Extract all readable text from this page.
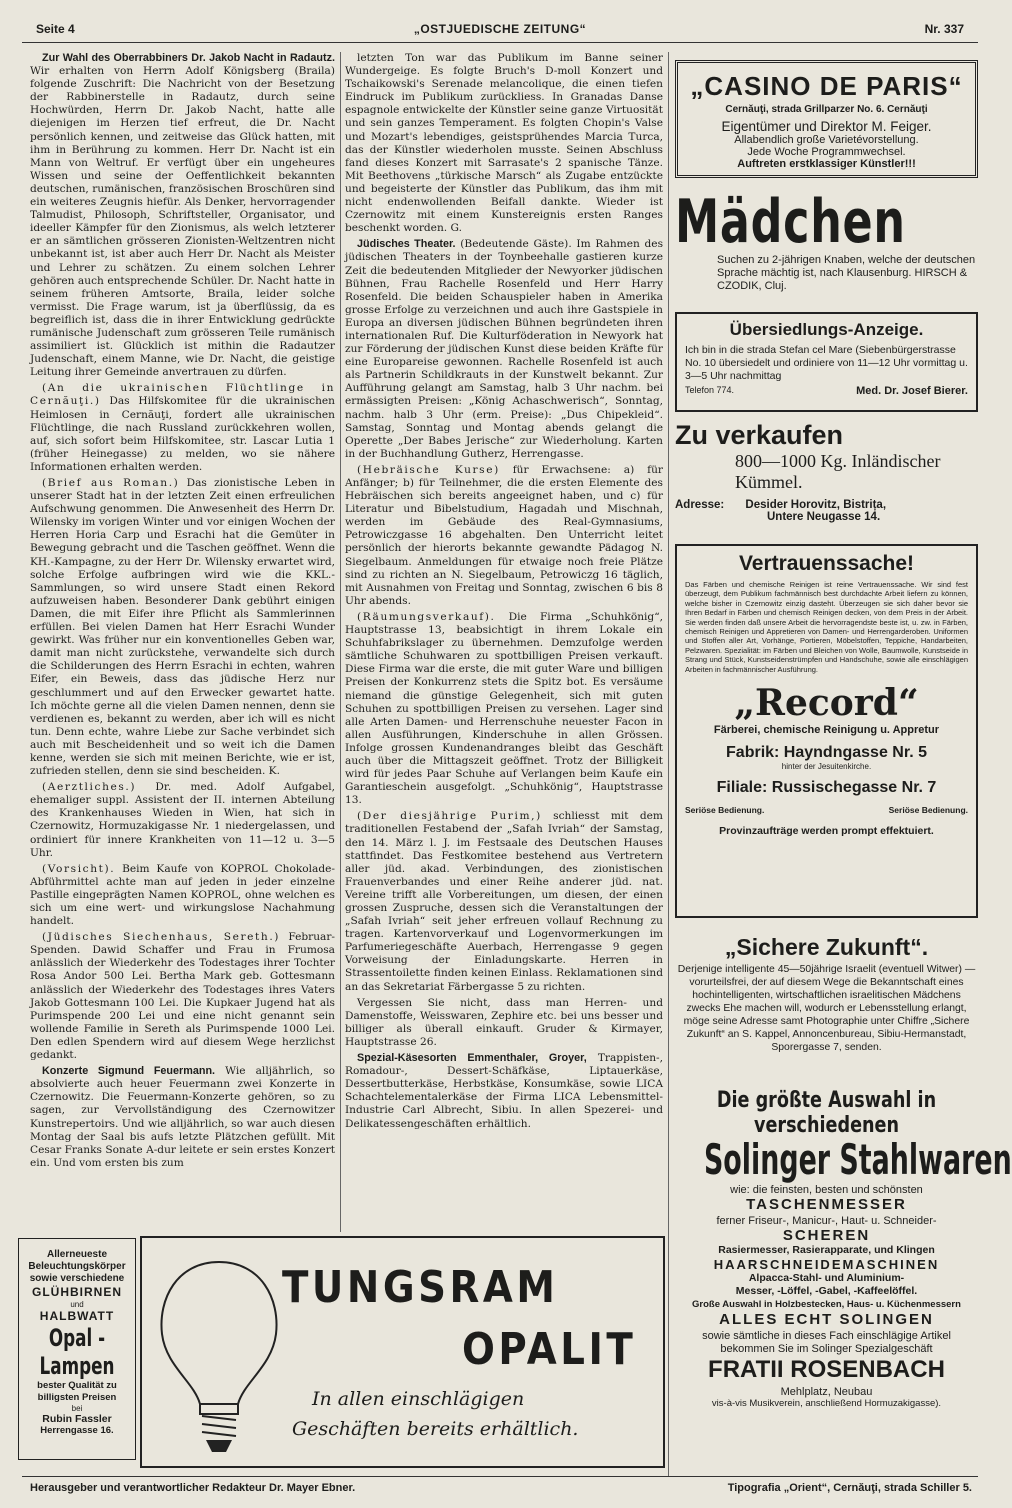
Seite 4	„OSTJUEDISCHE ZEITUNG“	Nr. 337

Zur Wahl des Oberrabbiners Dr. Jakob Nacht in Radautz. Wir erhalten von Herrn Adolf Königsberg (Braila) folgende Zuschrift: Die Nachricht von der Besetzung der Rabbinerstelle in Radautz, durch seine Hochwürden, Herrn Dr. Jakob Nacht, hatte alle diejenigen im Herzen tief erfreut, die Dr. Nacht persönlich kennen, und zeitweise das Glück hatten, mit ihm in Berührung zu kommen. Herr Dr. Nacht ist ein Mann von Weltruf. Er verfügt über ein ungeheures Wissen und seine der Oeffentlichkeit bekannten deutschen, rumänischen, französischen Broschüren sind ein weiteres Zeugnis hiefür. Als Denker, hervorragender Talmudist, Philosoph, Schriftsteller, Organisator, und ideeller Kämpfer für den Zionismus, als welch letzterer er an sämtlichen grösseren Zionisten-Weltzentren nicht unbekannt ist, ist aber auch Herr Dr. Nacht als Meister und Lehrer zu schätzen. Zu einem solchen Lehrer gehören auch entsprechende Schüler. Dr. Nacht hatte in seinem früheren Amtsorte, Braila, leider solche vermisst. Die Frage warum, ist ja überflüssig, da es begreiflich ist, dass die in ihrer Entwicklung gedrückte rumänische Judenschaft zum grösseren Teile rumänisch assimiliert ist. Glücklich ist mithin die Radautzer Judenschaft, einem Manne, wie Dr. Nacht, die geistige Leitung ihrer Gemeinde anvertrauen zu dürfen.

(An die ukrainischen Flüchtlinge in Cernăuţi.) Das Hilfskomitee für die ukrainischen Heimlosen in Cernăuţi, fordert alle ukrainischen Flüchtlinge, die nach Russland zurückkehren wollen, auf, sich sofort beim Hilfskomitee, str. Lascar Lutia 1 (früher Heinegasse) zu melden, wo sie nähere Informationen erhalten werden.

(Brief aus Roman.) Das zionistische Leben in unserer Stadt hat in der letzten Zeit einen erfreulichen Aufschwung genommen. Die Anwesenheit des Herrn Dr. Wilensky im vorigen Winter und vor einigen Wochen der Herren Horia Carp und Esrachi hat die Gemüter in Bewegung gebracht und die Taschen geöffnet. Wenn die KH.-Kampagne, zu der Herr Dr. Wilensky erwartet wird, solche Erfolge aufbringen wird wie die KKL.-Sammlungen, so wird unsere Stadt einen Rekord aufzuweisen haben. Besonderer Dank gebührt einigen Damen, die mit Eifer ihre Pflicht als Sammlerinnen erfüllen. Bei vielen Damen hat Herr Esrachi Wunder gewirkt. Was früher nur ein konventionelles Geben war, damit man nicht zurückstehe, verwandelte sich durch die Schilderungen des Herrn Esrachi in echten, wahren Eifer, ein Beweis, dass das jüdische Herz nur geschlummert und auf den Erwecker gewartet hatte. Ich möchte gerne all die vielen Damen nennen, denn sie verdienen es, bekannt zu werden, aber ich will es nicht tun. Denn echte, wahre Liebe zur Sache verbindet sich auch mit Bescheidenheit und so weit ich die Damen kenne, werden sie sich mit meinen Berichte, wie er ist, zufrieden stellen, denn sie sind bescheiden. K.

(Aerztliches.) Dr. med. Adolf Aufgabel, ehemaliger suppl. Assistent der II. internen Abteilung des Krankenhauses Wieden in Wien, hat sich in Czernowitz, Hormuzakigasse Nr. 1 niedergelassen, und ordiniert für innere Krankheiten von 11—12 u. 3—5 Uhr.

(Vorsicht). Beim Kaufe von KOPROL Chokolade-Abführmittel achte man auf jeden in jeder einzelne Pastille eingeprägten Namen KOPROL, ohne welchen es sich um eine wert- und wirkungslose Nachahmung handelt.

(Jüdisches Siechenhaus, Sereth.) Februar-Spenden. Dawid Schaffer und Frau in Frumosa anlässlich der Wiederkehr des Todestages ihrer Tochter Rosa Andor 500 Lei. Bertha Mark geb. Gottesmann anlässlich der Wiederkehr des Todestages ihres Vaters Jakob Gottesmann 100 Lei. Die Kupkaer Jugend hat als Purimspende 200 Lei und eine nicht genannt sein wollende Familie in Sereth als Purimspende 1000 Lei. Den edlen Spendern wird auf diesem Wege herzlichst gedankt.

Konzerte Sigmund Feuermann. Wie alljährlich, so absolvierte auch heuer Feuermann zwei Konzerte in Czernowitz. Die Feuermann-Konzerte gehören, so zu sagen, zur Vervollständigung des Czernowitzer Kunstrepertoirs. Und wie alljährlich, so war auch diesen Montag der Saal bis aufs letzte Plätzchen gefüllt. Mit Cesar Franks Sonate A-dur leitete er sein erstes Konzert ein. Und vom ersten bis zum

letzten Ton war das Publikum im Banne seiner Wundergeige. Es folgte Bruch's D-moll Konzert und Tschaikowski's Serenade melancolique, die einen tiefen Eindruck im Publikum zurückliess. In Granadas Danse espagnole entwickelte der Künstler seine ganze Virtuosität und sein ganzes Temperament. Es folgten Chopin's Valse und Mozart's lebendiges, geistsprühendes Marcia Turca, das der Künstler wiederholen musste. Seinen Abschluss fand dieses Konzert mit Sarrasate's 2 spanische Tänze. Mit Beethovens „türkische Marsch“ als Zugabe entzückte und begeisterte der Künstler das Publikum, das ihm mit nicht endenwollenden Beifall dankte. Wieder ist Czernowitz mit einem Kunstereignis ersten Ranges beschenkt worden. G.

Jüdisches Theater. (Bedeutende Gäste). Im Rahmen des jüdischen Theaters in der Toynbeehalle gastieren kurze Zeit die bedeutenden Mitglieder der Newyorker jüdischen Bühnen, Frau Rachelle Rosenfeld und Herr Harry Rosenfeld. Die beiden Schauspieler haben in Amerika grosse Erfolge zu verzeichnen und auch ihre Gastspiele in Europa an diversen jüdischen Bühnen begründeten ihren internationalen Ruf. Die Kulturföderation in Newyork hat zur Förderung der jüdischen Kunst diese beiden Kräfte für eine Europareise gewonnen. Rachelle Rosenfeld ist auch als Partnerin Schildkrauts in der Kunstwelt bekannt. Zur Aufführung gelangt am Samstag, halb 3 Uhr nachm. bei ermässigten Preisen: „König Achaschwerisch“, Sonntag, nachm. halb 3 Uhr (erm. Preise): „Dus Chipekleid“. Samstag, Sonntag und Montag abends gelangt die Operette „Der Babes Jerische“ zur Wiederholung. Karten in der Buchhandlung Gutherz, Herrengasse.

(Hebräische Kurse) für Erwachsene: a) für Anfänger; b) für Teilnehmer, die die ersten Elemente des Hebräischen sich bereits angeeignet haben, und c) für Literatur und Bibelstudium, Hagadah und Mischnah, werden im Gebäude des Real-Gymnasiums, Petrowiczgasse 16 abgehalten. Den Unterricht leitet persönlich der hierorts bekannte gewandte Pädagog N. Siegelbaum. Anmeldungen für etwaige noch freie Plätze sind zu richten an N. Siegelbaum, Petrowiczg 16 täglich, mit Ausnahmen von Freitag und Sonntag, zwischen 6 bis 8 Uhr abends.

(Räumungsverkauf). Die Firma „Schuhkönig“, Hauptstrasse 13, beabsichtigt in ihrem Lokale ein Schuhfabrikslager zu übernehmen. Demzufolge werden sämtliche Schuhwaren zu spottbilligen Preisen verkauft. Diese Firma war die erste, die mit guter Ware und billigen Preisen der Konkurrenz stets die Spitz bot. Es versäume niemand die günstige Gelegenheit, sich mit guten Schuhen zu spottbilligen Preisen zu versehen. Lager sind alle Arten Damen- und Herrenschuhe neuester Facon in allen Ausführungen, Kinderschuhe in allen Grössen. Infolge grossen Kundenandranges bleibt das Geschäft auch über die Mittagszeit geöffnet. Trotz der Billigkeit wird für jedes Paar Schuhe auf Verlangen beim Kaufe ein Garantieschein ausgefolgt. „Schuhkönig“, Hauptstrasse 13.

(Der diesjährige Purim,) schliesst mit dem traditionellen Festabend der „Safah Ivriah“ der Samstag, den 14. März l. J. im Festsaale des Deutschen Hauses stattfindet. Das Festkomitee bestehend aus Vertretern aller jüd. akad. Verbindungen, des zionistischen Frauenverbandes und einer Reihe anderer jüd. nat. Vereine trifft alle Vorbereitungen, um diesen, der einen grossen Zuspruche, dessen sich die Veranstaltungen der „Safah Ivriah“ seit jeher erfreuen vollauf Rechnung zu tragen. Kartenvorverkauf und Logenvormerkungen im Parfumeriegeschäfte Auerbach, Herrengasse 9 gegen Vorweisung der Einladungskarte. Herren in Strassentoilette finden keinen Einlass. Reklamationen sind an das Sekretariat Färbergasse 5 zu richten.

Vergessen Sie nicht, dass man Herren- und Damenstoffe, Weisswaren, Zephire etc. bei uns besser und billiger als überall einkauft. Gruder & Kirmayer, Hauptstrasse 26.

Spezial-Käsesorten Emmenthaler, Groyer, Trappisten-, Romadour-, Dessert-Schäfkäse, Liptauerkäse, Dessertbutterkäse, Herbstkäse, Konsumkäse, sowie LICA Schachtelementalerkäse der Firma LICA Lebensmittel-Industrie Carl Albrecht, Sibiu. In allen Spezerei- und Delikatessengeschäften erhältlich.

„CASINO DE PARIS“

Cernăuţi, strada Grillparzer No. 6. Cernăuţi

Eigentümer und Direktor M. Feiger.

Allabendlich große Varietévorstellung.

Jede Woche Programmwechsel.

Auftreten erstklassiger Künstler!!!

Mädchen

Suchen zu 2-jährigen Knaben, welche der deutschen Sprache mächtig ist, nach Klausenburg. HIRSCH & CZODIK, Cluj.

Übersiedlungs-Anzeige.

Ich bin in die strada Stefan cel Mare (Siebenbürgerstrasse No. 10 übersiedelt und ordiniere von 11—12 Uhr vormittag u. 3—5 Uhr nachmittag

Telefon 774.	Med. Dr. Josef Bierer.

Zu verkaufen

800—1000 Kg. Inländischer

Kümmel.

Adresse: Desider Horovitz, Bistrița,

Untere Neugasse 14.

Vertrauenssache!

Das Färben und chemische Reinigen ist reine Vertrauenssache. Wir sind fest überzeugt, dem Publikum fachmännisch best durchdachte Arbeit liefern zu können, welche bisher in Czernowitz einzig dasteht. Überzeugen sie sich daher bevor sie Ihren Bedarf in Färben und chemisch Reinigen decken, von dem Preis in der Arbeit. Sie werden finden daß unsere Arbeit die hervorragendste beste ist, u. zw. in Färben, chemisch Reinigen und Appretieren von Damen- und Herrengarderoben. Uniformen und Stoffen aller Art, Vorhänge, Portieren, Möbelstoffen, Teppiche, Handarbeiten, Pelzwaren. Spezialität: im Färben und Bleichen von Wolle, Baumwolle, Kunstseide in Strang und Stück, Kunstseidenstrümpfen und Handschuhe, sowie alle einschlägigen Arbeiten in fachmännischer Ausführung.

„Record“

Färberei, chemische Reinigung u. Appretur

Fabrik: Hayndngasse Nr. 5

hinter der Jesuitenkirche.

Filiale: Russischegasse Nr. 7

Seriöse Bedienung.	Seriöse Bedienung.

Provinzaufträge werden prompt effektuiert.

„Sichere Zukunft“.

Derjenige intelligente 45—50jährige Israelit (eventuell Witwer) — vorurteilsfrei, der auf diesem Wege die Bekanntschaft eines hochintelligenten, wirtschaftlichen israelitischen Mädchens zwecks Ehe machen will, wodurch er Lebensstellung erlangt, möge seine Adresse samt Photographie unter Chiffre „Sichere Zukunft“ an S. Kappel, Annoncenbureau, Sibiu-Hermanstadt, Sporergasse 7, senden.

Die größte Auswahl in verschiedenen

Solinger Stahlwaren

wie: die feinsten, besten und schönsten

TASCHENMESSER

ferner Friseur-, Manicur-, Haut- u. Schneider-

SCHEREN

Rasiermesser, Rasierapparate, und Klingen

HAARSCHNEIDEMASCHINEN

Alpacca-Stahl- und Aluminium-

Messer, -Löffel, -Gabel, -Kaffeelöffel.

Große Auswahl in Holzbestecken, Haus- u. Küchenmessern

ALLES ECHT SOLINGEN

sowie sämtliche in dieses Fach einschlägige Artikel bekommen Sie im Solinger Spezialgeschäft

FRATII ROSENBACH

Mehlplatz, Neubau

vis-à-vis Musikverein, anschließend Hormuzakigasse).

Allerneueste

Beleuchtungskörper

sowie verschiedene

GLÜHBIRNEN

und

HALBWATT

Opal - Lampen

bester Qualität zu

billigsten Preisen

bei

Rubin Fassler

Herrengasse 16.

TUNGSRAM
OPALIT
In allen einschlägigen
Geschäften bereits erhältlich.
Herausgeber und verantwortlicher Redakteur Dr. Mayer Ebner.	Tipografia „Orient“, Cernăuţi, strada Schiller 5.
